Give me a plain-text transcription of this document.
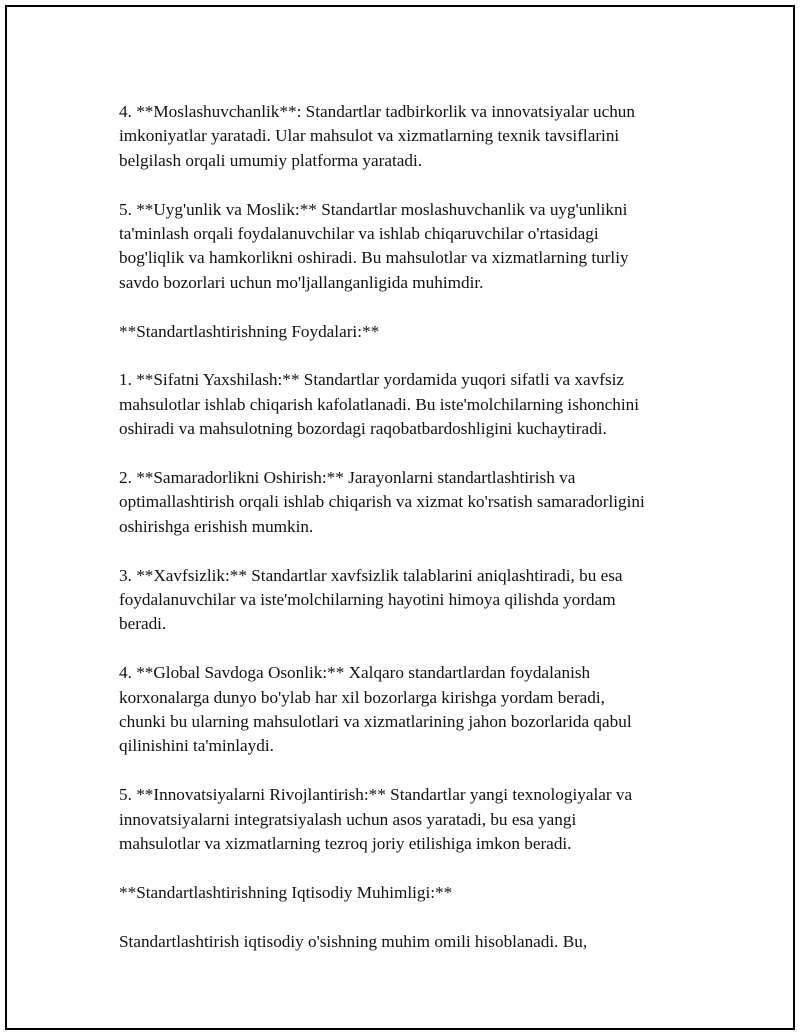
4. **Moslashuvchanlik**: Standartlar tadbirkorlik va innovatsiyalar uchun
imkoniyatlar yaratadi. Ular mahsulot va xizmatlarning texnik tavsiflarini
belgilash orqali umumiy platforma yaratadi.

5. **Uyg'unlik va Moslik:** Standartlar moslashuvchanlik va uyg'unlikni
ta'minlash orqali foydalanuvchilar va ishlab chiqaruvchilar o'rtasidagi
bog'liqlik va hamkorlikni oshiradi. Bu mahsulotlar va xizmatlarning turliy
savdo bozorlari uchun mo'ljallanganligida muhimdir.

**Standartlashtirishning Foydalari:**

1. **Sifatni Yaxshilash:** Standartlar yordamida yuqori sifatli va xavfsiz
mahsulotlar ishlab chiqarish kafolatlanadi. Bu iste'molchilarning ishonchini
oshiradi va mahsulotning bozordagi raqobatbardoshligini kuchaytiradi.

2. **Samaradorlikni Oshirish:** Jarayonlarni standartlashtirish va
optimallashtirish orqali ishlab chiqarish va xizmat ko'rsatish samaradorligini
oshirishga erishish mumkin.

3. **Xavfsizlik:** Standartlar xavfsizlik talablarini aniqlashtiradi, bu esa
foydalanuvchilar va iste'molchilarning hayotini himoya qilishda yordam
beradi.

4. **Global Savdoga Osonlik:** Xalqaro standartlardan foydalanish
korxonalarga dunyo bo'ylab har xil bozorlarga kirishga yordam beradi,
chunki bu ularning mahsulotlari va xizmatlarining jahon bozorlarida qabul
qilinishini ta'minlaydi.

5. **Innovatsiyalarni Rivojlantirish:** Standartlar yangi texnologiyalar va
innovatsiyalarni integratsiyalash uchun asos yaratadi, bu esa yangi
mahsulotlar va xizmatlarning tezroq joriy etilishiga imkon beradi.

**Standartlashtirishning Iqtisodiy Muhimligi:**

Standartlashtirish iqtisodiy o'sishning muhim omili hisoblanadi. Bu,
